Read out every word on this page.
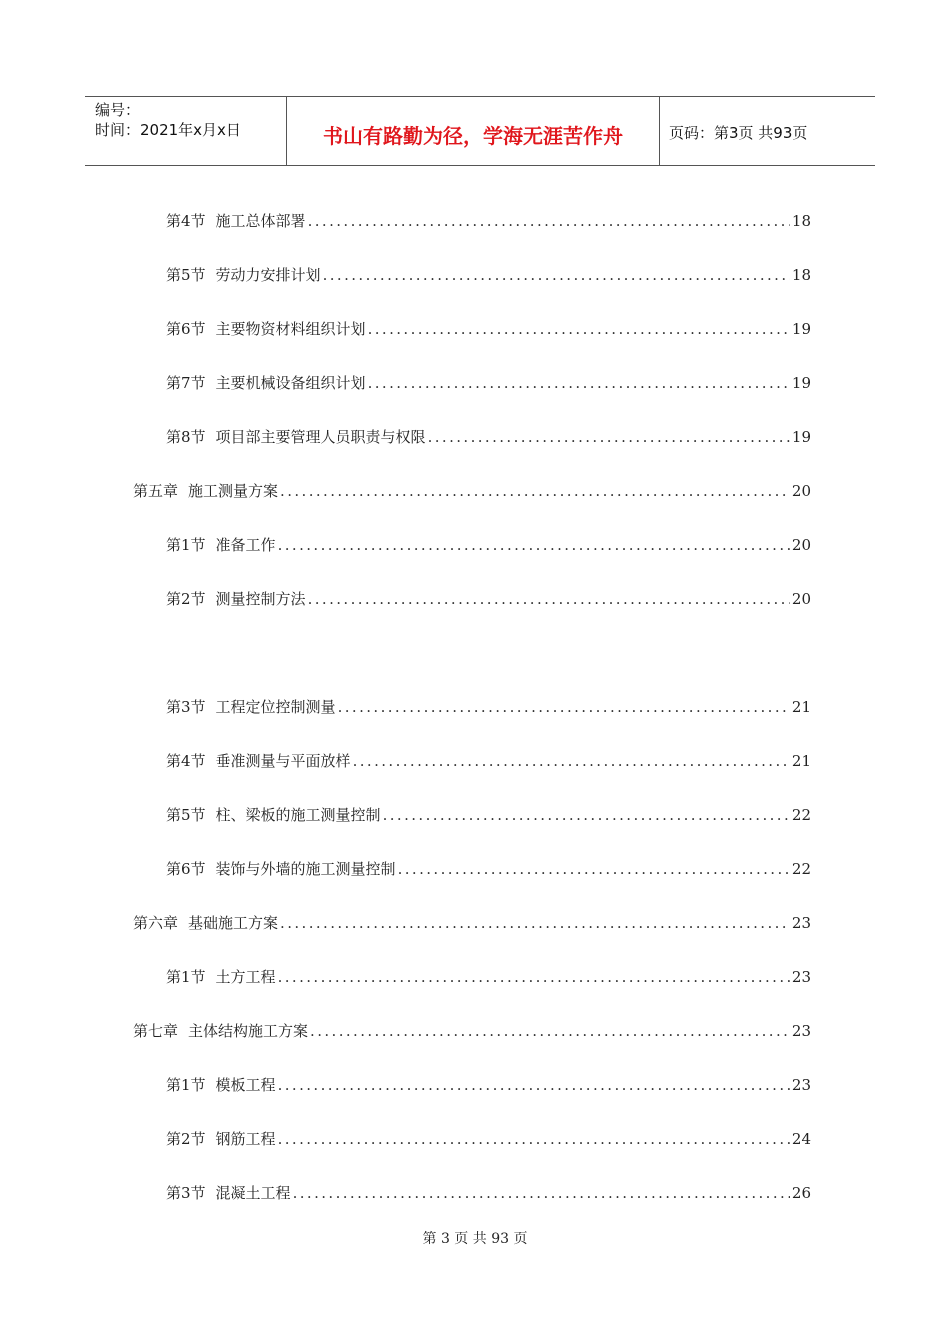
编号：
时间：2021年x月x日	书山有路勤为径，学海无涯苦作舟	页码：第3页 共93页
第4节 施工总体部署 .....	18
第5节 劳动力安排计划 .....	18
第6节 主要物资材料组织计划 .....	19
第7节 主要机械设备组织计划 .....	19
第8节 项目部主要管理人员职责与权限 .....	19
第五章 施工测量方案 .....	20
第1节 准备工作 .....	20
第2节 测量控制方法 .....	20
第3节 工程定位控制测量 .....	21
第4节 垂准测量与平面放样 .....	21
第5节 柱、梁板的施工测量控制 .....	22
第6节 装饰与外墙的施工测量控制 .....	22
第六章 基础施工方案 .....	23
第1节 土方工程 .....	23
第七章 主体结构施工方案 .....	23
第1节 模板工程 .....	23
第2节 钢筋工程 .....	24
第3节 混凝土工程 .....	26
第 3 页 共 93 页
